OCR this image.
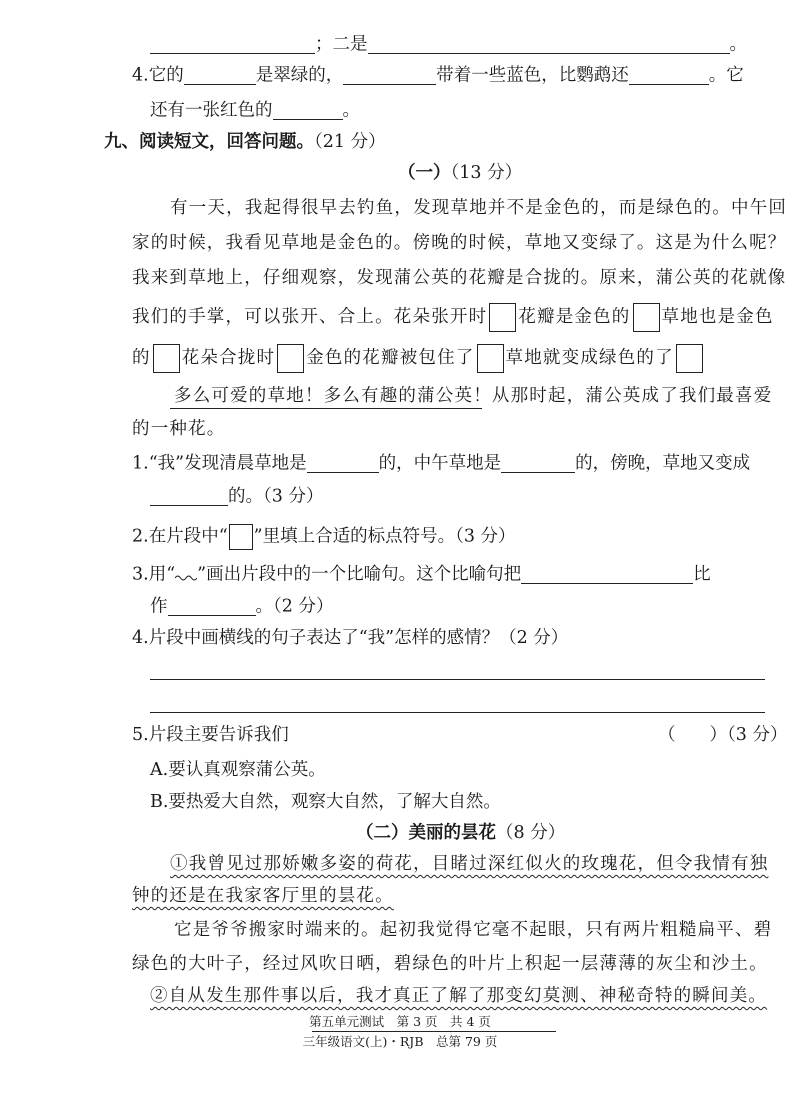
；二是	。
4.它的	是翠绿的，	带着一些蓝色，比鹦鹉还	。它
还有一张红色的	。
九、阅读短文，回答问题。（21 分）
（一）（13 分）
有一天，我起得很早去钓鱼，发现草地并不是金色的，而是绿色的。中午回
家的时候，我看见草地是金色的。傍晚的时候，草地又变绿了。这是为什么呢？
我来到草地上，仔细观察，发现蒲公英的花瓣是合拢的。原来，蒲公英的花就像
我们的手掌，可以张开、合上。花朵张开时 花瓣是金色的 草地也是金色
的 花朵合拢时 金色的花瓣被包住了 草地就变成绿色的了
多么可爱的草地！多么有趣的蒲公英！从那时起，蒲公英成了我们最喜爱
的一种花。
1.“我”发现清晨草地是	的，中午草地是	的，傍晚，草地又变成
的。（3 分）
2.在片段中“ ”里填上合适的标点符号。（3 分）
3.用“ ”画出片段中的一个比喻句。这个比喻句把	比
作	。（2 分）
4.片段中画横线的句子表达了“我”怎样的感情？（2 分）
5.片段主要告诉我们	（ ）（3 分）
A.要认真观察蒲公英。
B.要热爱大自然，观察大自然，了解大自然。
（二）美丽的昙花（8 分）
①我曾见过那娇嫩多姿的荷花，目睹过深红似火的玫瑰花，但令我情有独
钟的还是在我家客厅里的昙花。
它是爷爷搬家时端来的。起初我觉得它毫不起眼，只有两片粗糙扁平、碧
绿色的大叶子，经过风吹日晒，碧绿色的叶片上积起一层薄薄的灰尘和沙土。
②自从发生那件事以后，我才真正了解了那变幻莫测、神秘奇特的瞬间美。
第五单元测试　第 3 页　共 4 页
三年级语文(上)・RJB　总第 79 页
